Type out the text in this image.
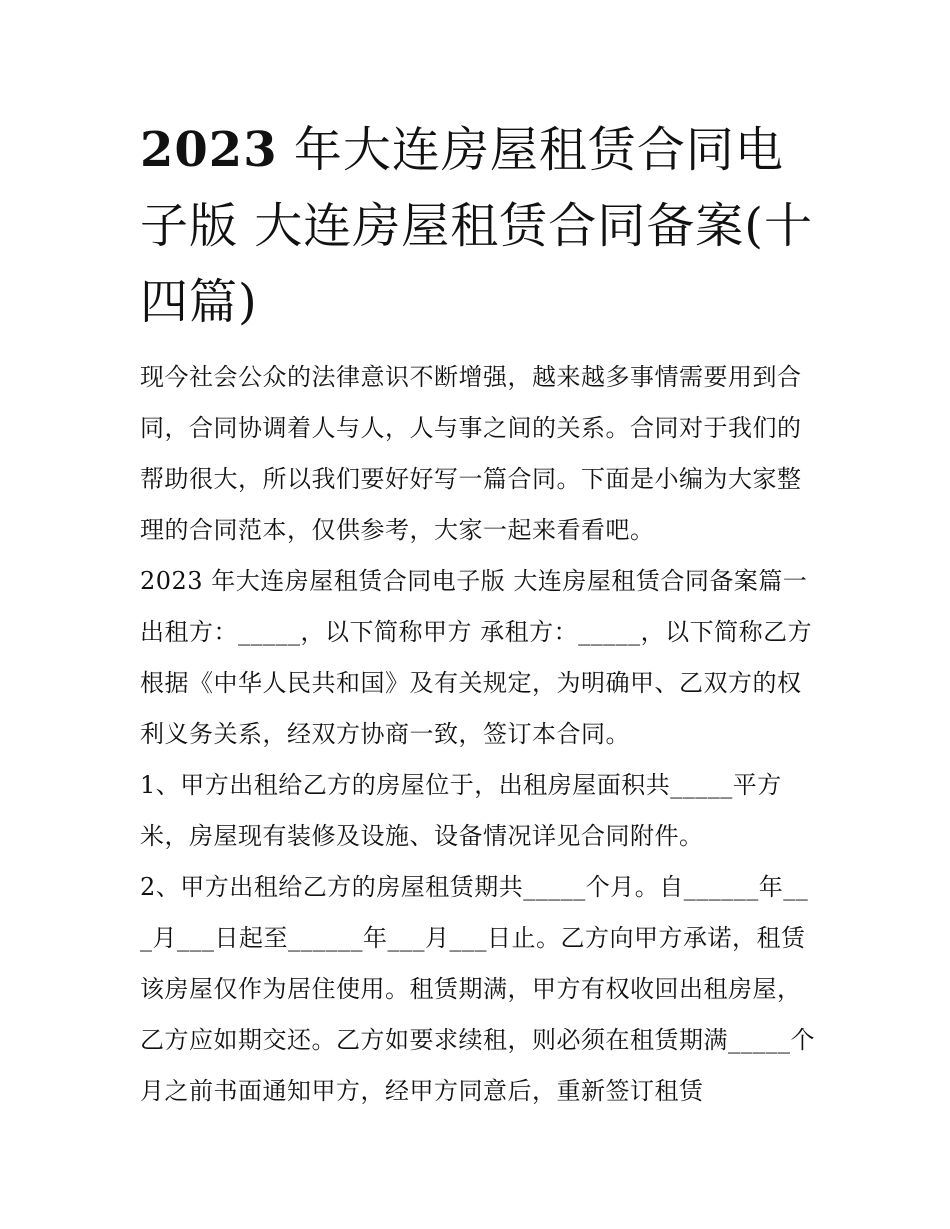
2023 年大连房屋租赁合同电子版 大连房屋租赁合同备案(十四篇)

现今社会公众的法律意识不断增强，越来越多事情需要用到合同，合同协调着人与人，人与事之间的关系。合同对于我们的帮助很大，所以我们要好好写一篇合同。下面是小编为大家整理的合同范本，仅供参考，大家一起来看看吧。

2023 年大连房屋租赁合同电子版 大连房屋租赁合同备案篇一

出租方：_____，以下简称甲方 承租方：_____，以下简称乙方

根据《中华人民共和国》及有关规定，为明确甲、乙双方的权利义务关系，经双方协商一致，签订本合同。

1、甲方出租给乙方的房屋位于，出租房屋面积共_____平方米，房屋现有装修及设施、设备情况详见合同附件。

2、甲方出租给乙方的房屋租赁期共_____个月。自______年___月___日起至______年___月___日止。乙方向甲方承诺，租赁该房屋仅作为居住使用。租赁期满，甲方有权收回出租房屋，乙方应如期交还。乙方如要求续租，则必须在租赁期满_____个月之前书面通知甲方，经甲方同意后，重新签订租赁
